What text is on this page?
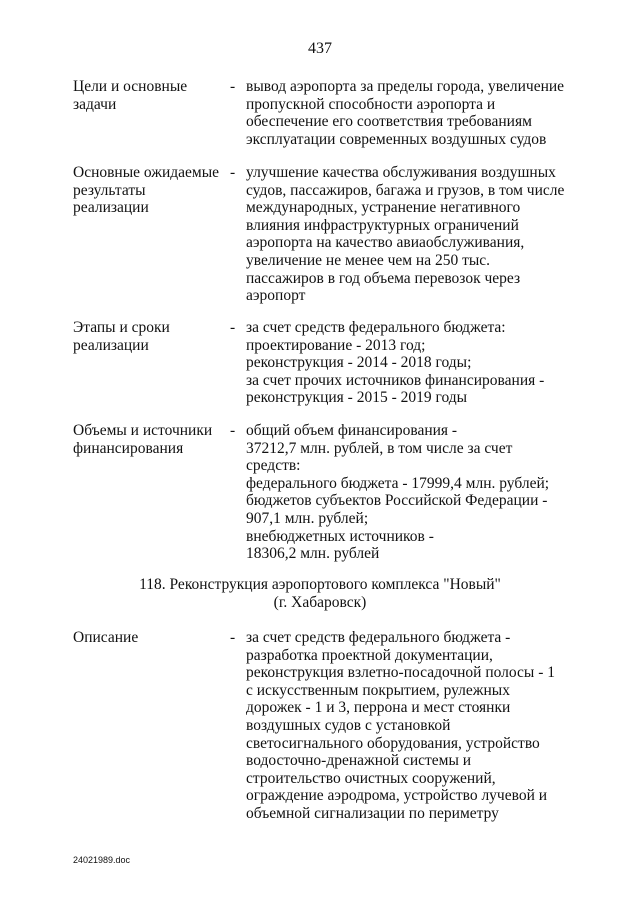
437
Цели и основные
задачи
- вывод аэропорта за пределы города, увеличение
пропускной способности аэропорта и
обеспечение его соответствия требованиям
эксплуатации современных воздушных судов
Основные ожидаемые
результаты
реализации
- улучшение качества обслуживания воздушных
судов, пассажиров, багажа и грузов, в том числе
международных, устранение негативного
влияния инфраструктурных ограничений
аэропорта на качество авиаобслуживания,
увеличение не менее чем на 250 тыс.
пассажиров в год объема перевозок через
аэропорт
Этапы и сроки
реализации
- за счет средств федерального бюджета:
проектирование - 2013 год;
реконструкция - 2014 - 2018 годы;
за счет прочих источников финансирования -
реконструкция - 2015 - 2019 годы
Объемы и источники
финансирования
- общий объем финансирования -
37212,7 млн. рублей, в том числе за счет
средств:
федерального бюджета - 17999,4 млн. рублей;
бюджетов субъектов Российской Федерации -
907,1 млн. рублей;
внебюджетных источников -
18306,2 млн. рублей
118. Реконструкция аэропортового комплекса "Новый"
(г. Хабаровск)
Описание	- за счет средств федерального бюджета -
разработка проектной документации,
реконструкция взлетно-посадочной полосы - 1
с искусственным покрытием, рулежных
дорожек - 1 и 3, перрона и мест стоянки
воздушных судов с установкой
светосигнального оборудования, устройство
водосточно-дренажной системы и
строительство очистных сооружений,
ограждение аэродрома, устройство лучевой и
объемной сигнализации по периметру
24021989.doc
